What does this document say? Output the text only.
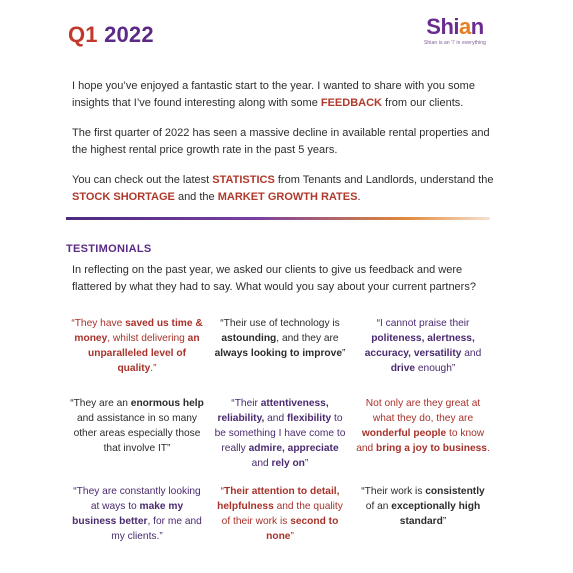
Q1 2022	Shian
Shian is an 'I' in everything

I hope you’ve enjoyed a fantastic start to the year. I wanted to share with you some insights that I’ve found interesting along with some FEEDBACK from our clients.

The first quarter of 2022 has seen a massive decline in available rental properties and the highest rental price growth rate in the past 5 years.

You can check out the latest STATISTICS from Tenants and Landlords, understand the STOCK SHORTAGE and the MARKET GROWTH RATES.

TESTIMONIALS
In reflecting on the past year, we asked our clients to give us feedback and were flattered by what they had to say. What would you say about your current partners?
“They have saved us time & money, whilst delivering an unparalleled level of quality.”
“Their use of technology is astounding, and they are always looking to improve”
“I cannot praise their politeness, alertness, accuracy, versatility and drive enough”
“They are an enormous help and assistance in so many other areas especially those that involve IT”
“Their attentiveness, reliability, and flexibility to be something I have come to really admire, appreciate and rely on”
Not only are they great at what they do, they are wonderful people to know and bring a joy to business.
“They are constantly looking at ways to make my business better, for me and my clients.”
“Their attention to detail, helpfulness and the quality of their work is second to none”
“Their work is consistently of an exceptionally high standard”
